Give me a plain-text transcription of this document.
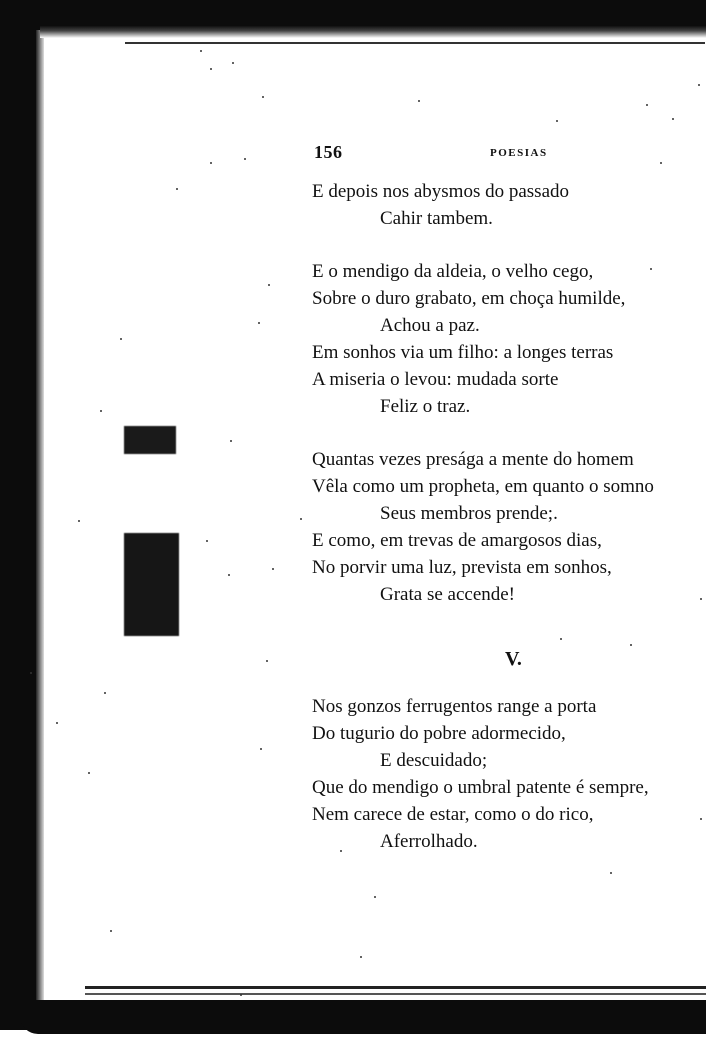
156	POESIAS
E depois nos abysmos do passado
Cahir tambem.
E o mendigo da aldeia, o velho cego,
Sobre o duro grabato, em choça humilde,
Achou a paz.
Em sonhos via um filho: a longes terras
A miseria o levou: mudada sorte
Feliz o traz.
Quantas vezes presága a mente do homem
Vêla como um propheta, em quanto o somno
Seus membros prende;.
E como, em trevas de amargosos dias,
No porvir uma luz, prevista em sonhos,
Grata se accende!
V.
Nos gonzos ferrugentos range a porta
Do tugurio do pobre adormecido,
E descuidado;
Que do mendigo o umbral patente é sempre,
Nem carece de estar, como o do rico,
Aferrolhado.
